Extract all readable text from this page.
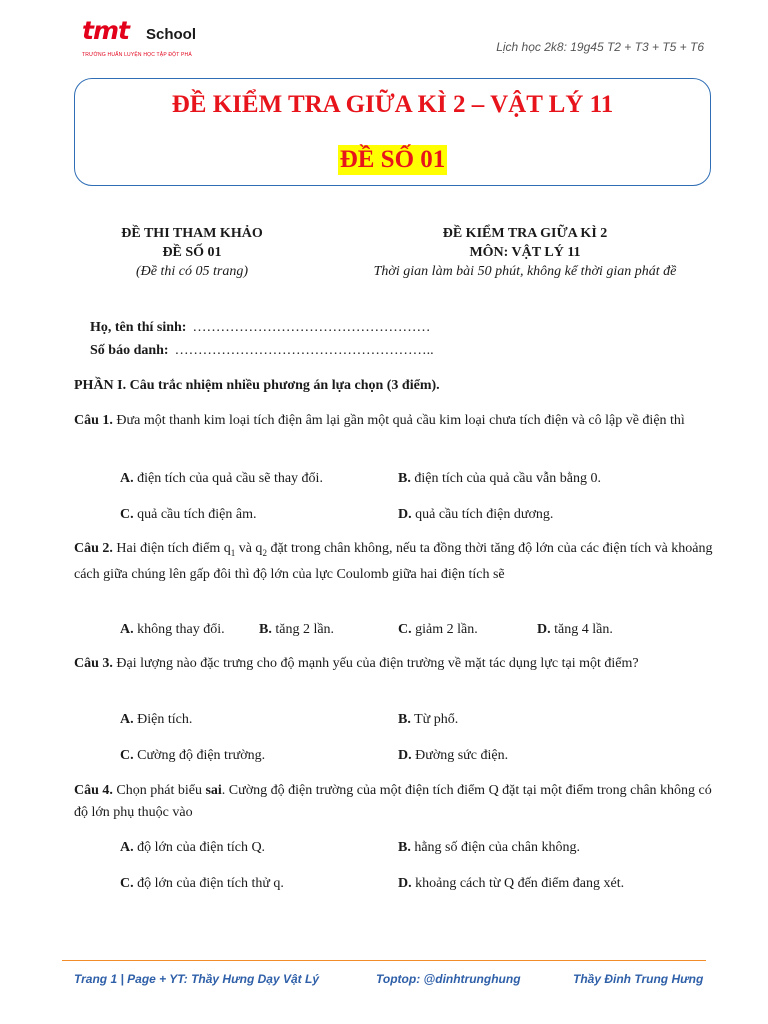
tmt School
TRƯỜNG HUẤN LUYỆN HỌC TẬP ĐỘT PHÁ
Lịch học 2k8: 19g45 T2 + T3 + T5 + T6
ĐỀ KIỂM TRA GIỮA KÌ 2 – VẬT LÝ 11
ĐỀ SỐ 01
ĐỀ THI THAM KHẢO
ĐỀ SỐ 01
(Đề thi có 05 trang)
ĐỀ KIỂM TRA GIỮA KÌ 2
MÔN: VẬT LÝ 11
Thời gian làm bài 50 phút, không kể thời gian phát đề
Họ, tên thí sinh: ……………………………………………
Số báo danh: ………………………………………………..
PHẦN I. Câu trắc nhiệm nhiều phương án lựa chọn (3 điểm).
Câu 1. Đưa một thanh kim loại tích điện âm lại gần một quả cầu kim loại chưa tích điện và cô lập về điện thì
A. điện tích của quả cầu sẽ thay đổi.	B. điện tích của quả cầu vẫn bằng 0.
C. quả cầu tích điện âm.	D. quả cầu tích điện dương.
Câu 2. Hai điện tích điểm $q_1$ và $q_2$ đặt trong chân không, nếu ta đồng thời tăng độ lớn của các điện tích và khoảng cách giữa chúng lên gấp đôi thì độ lớn của lực Coulomb giữa hai điện tích sẽ
A. không thay đổi. B. tăng 2 lần.	C. giảm 2 lần.	D. tăng 4 lần.
Câu 3. Đại lượng nào đặc trưng cho độ mạnh yếu của điện trường về mặt tác dụng lực tại một điểm?
A. Điện tích.	B. Từ phổ.
C. Cường độ điện trường.	D. Đường sức điện.
Câu 4. Chọn phát biểu sai. Cường độ điện trường của một điện tích điểm Q đặt tại một điểm trong chân không có độ lớn phụ thuộc vào
A. độ lớn của điện tích Q.	B. hằng số điện của chân không.
C. độ lớn của điện tích thử q.	D. khoảng cách từ Q đến điểm đang xét.
Trang 1 | Page + YT: Thầy Hưng Dạy Vật Lý	Toptop: @dinhtrunghung	Thầy Đinh Trung Hưng
